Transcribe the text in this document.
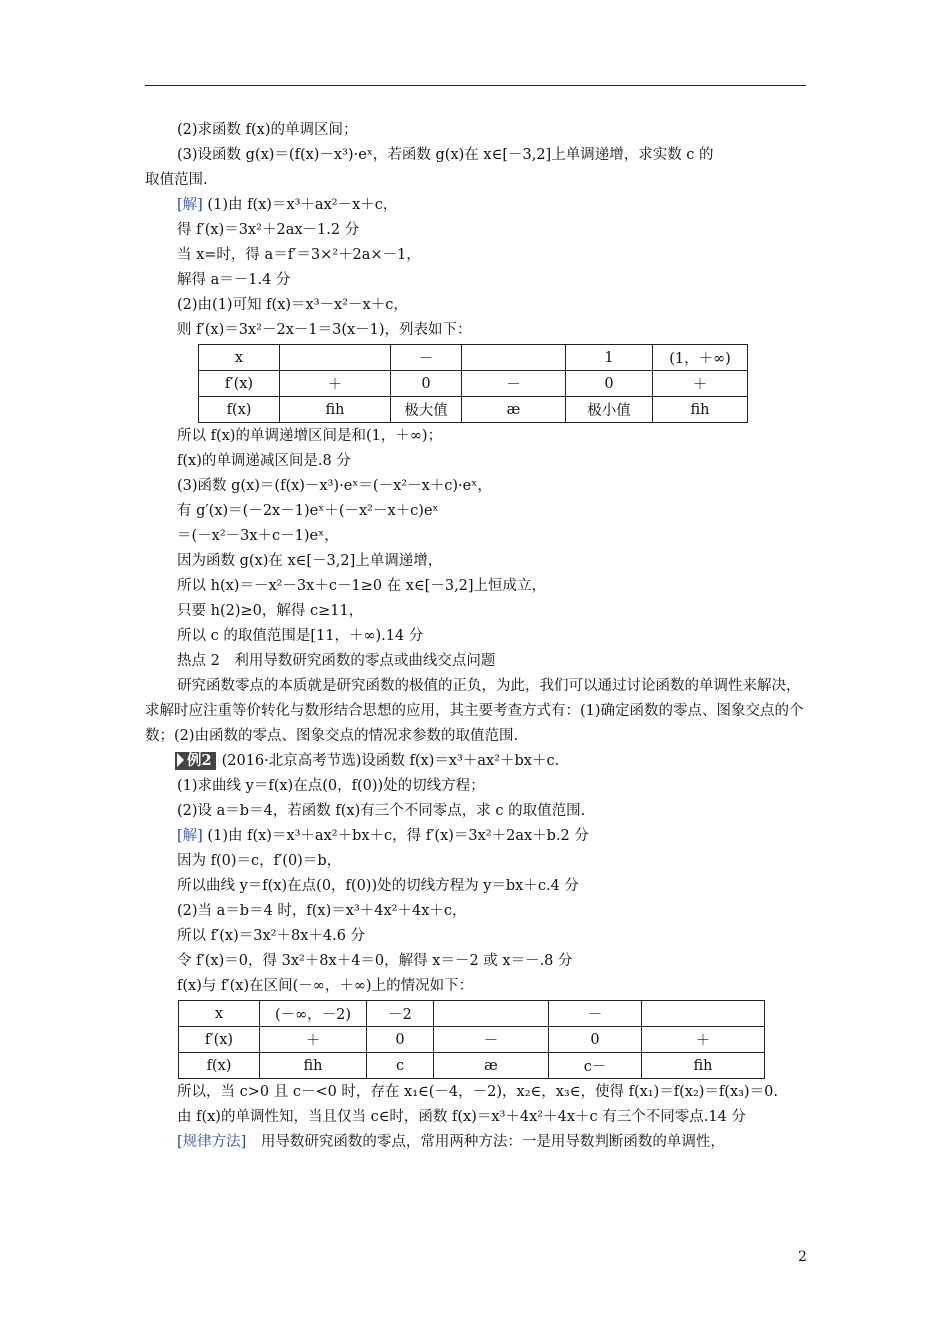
(2)求函数 f(x)的单调区间；
(3)设函数 g(x)＝(f(x)－x³)·eˣ，若函数 g(x)在 x∈[－3,2]上单调递增，求实数 c 的
取值范围.
[解] (1)由 f(x)＝x³＋ax²－x＋c，
得 f′(x)＝3x²＋2ax－1.2 分
当 x=时，得 a＝f′＝3×²＋2a×－1，
解得 a＝－1.4 分
(2)由(1)可知 f(x)＝x³－x²－x＋c，
则 f′(x)＝3x²－2x－1＝3(x－1)，列表如下：
x		－		1	(1，＋∞)
f′(x)	＋	0	－	0	＋
f(x)	ﬁh	极大值	æ	极小值	ﬁh
所以 f(x)的单调递增区间是和(1，＋∞)；
f(x)的单调递减区间是.8 分
(3)函数 g(x)＝(f(x)－x³)·eˣ＝(－x²－x＋c)·eˣ，
有 g′(x)＝(－2x－1)eˣ＋(－x²－x＋c)eˣ
＝(－x²－3x＋c－1)eˣ，
因为函数 g(x)在 x∈[－3,2]上单调递增，
所以 h(x)＝－x²－3x＋c－1≥0 在 x∈[－3,2]上恒成立，
只要 h(2)≥0，解得 c≥11，
所以 c 的取值范围是[11，＋∞).14 分
热点 2　利用导数研究函数的零点或曲线交点问题
研究函数零点的本质就是研究函数的极值的正负，为此，我们可以通过讨论函数的单调性来解决，求解时应注重等价转化与数形结合思想的应用，其主要考查方式有：(1)确定函数的零点、图象交点的个数；(2)由函数的零点、图象交点的情况求参数的取值范围.
例2 (2016·北京高考节选)设函数 f(x)＝x³＋ax²＋bx＋c.
(1)求曲线 y＝f(x)在点(0，f(0))处的切线方程；
(2)设 a＝b＝4，若函数 f(x)有三个不同零点，求 c 的取值范围.
[解] (1)由 f(x)＝x³＋ax²＋bx＋c，得 f′(x)＝3x²＋2ax＋b.2 分
因为 f(0)＝c，f′(0)＝b，
所以曲线 y＝f(x)在点(0，f(0))处的切线方程为 y＝bx＋c.4 分
(2)当 a＝b＝4 时，f(x)＝x³＋4x²＋4x＋c，
所以 f′(x)＝3x²＋8x＋4.6 分
令 f′(x)＝0，得 3x²＋8x＋4＝0，解得 x＝－2 或 x＝－.8 分
f(x)与 f′(x)在区间(－∞，＋∞)上的情况如下：
x	(－∞，－2)	－2		－	
f′(x)	＋	0	－	0	＋
f(x)	ﬁh	c	æ	c－	ﬁh
所以，当 c>0 且 c－<0 时，存在 x₁∈(－4，－2)，x₂∈，x₃∈，使得 f(x₁)＝f(x₂)＝f(x₃)＝0.
由 f(x)的单调性知，当且仅当 c∈时，函数 f(x)＝x³＋4x²＋4x＋c 有三个不同零点.14 分
[规律方法]　用导数研究函数的零点，常用两种方法：一是用导数判断函数的单调性，
2
